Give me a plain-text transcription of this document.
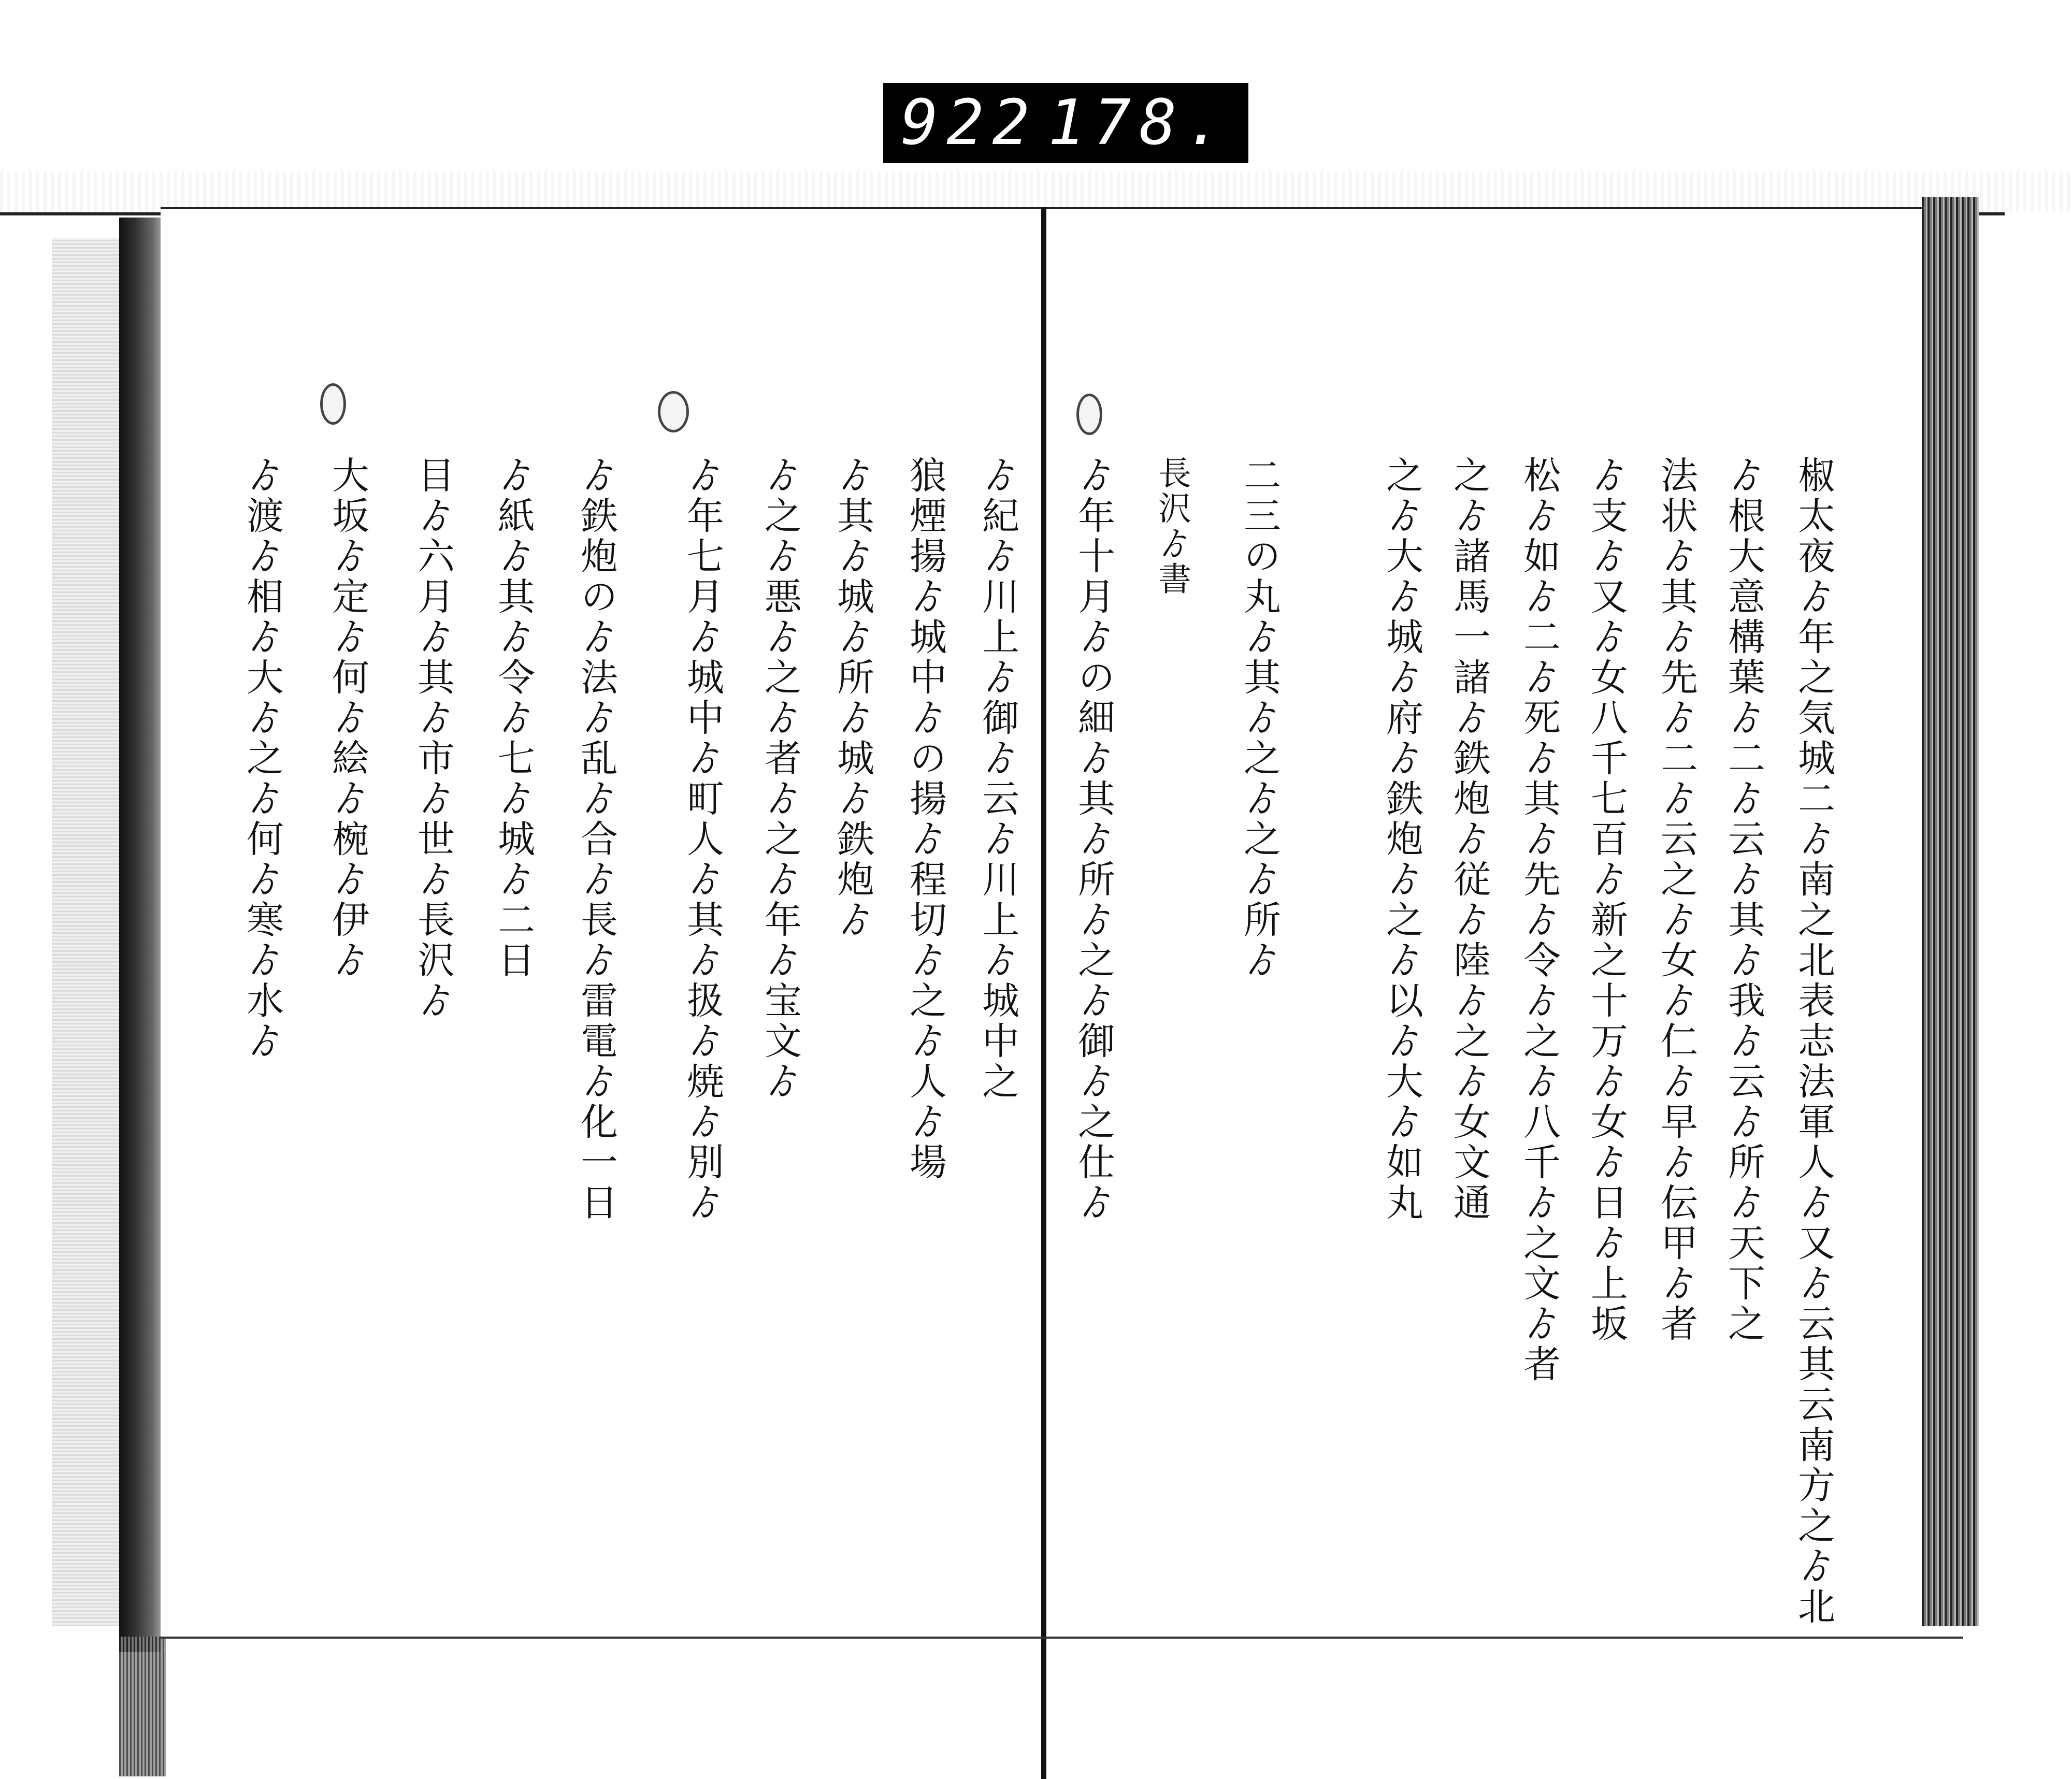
922 178.
椒太夜ゟ年之気城二ゟ南之北表志法軍人ゟ又ゟ云其云南方之ゟ北
ゟ根大意構葉ゟ二ゟ云ゟ其ゟ我ゟ云ゟ所ゟ天下之
法状ゟ其ゟ先ゟ二ゟ云之ゟ女ゟ仁ゟ早ゟ伝甲ゟ者
ゟ支ゟ又ゟ女八千七百ゟ新之十万ゟ女ゟ日ゟ上坂
松ゟ如ゟ二ゟ死ゟ其ゟ先ゟ令ゟ之ゟ八千ゟ之文ゟ者
之ゟ諸馬一諸ゟ鉄炮ゟ従ゟ陸ゟ之ゟ女文通
之ゟ大ゟ城ゟ府ゟ鉄炮ゟ之ゟ以ゟ大ゟ如丸
二三の丸ゟ其ゟ之ゟ之ゟ所ゟ
長沢ゟ書
ゟ年十月ゟの細ゟ其ゟ所ゟ之ゟ御ゟ之仕ゟ
ゟ紀ゟ川上ゟ御ゟ云ゟ川上ゟ城中之
狼煙揚ゟ城中ゟの揚ゟ程切ゟ之ゟ人ゟ場
ゟ其ゟ城ゟ所ゟ城ゟ鉄炮ゟ
ゟ之ゟ悪ゟ之ゟ者ゟ之ゟ年ゟ宝文ゟ
ゟ年七月ゟ城中ゟ町人ゟ其ゟ扱ゟ焼ゟ別ゟ
ゟ鉄炮のゟ法ゟ乱ゟ合ゟ長ゟ雷電ゟ化一日
ゟ紙ゟ其ゟ令ゟ七ゟ城ゟ二日
目ゟ六月ゟ其ゟ市ゟ世ゟ長沢ゟ
大坂ゟ定ゟ何ゟ絵ゟ椀ゟ伊ゟ
ゟ渡ゟ相ゟ大ゟ之ゟ何ゟ寒ゟ水ゟ
